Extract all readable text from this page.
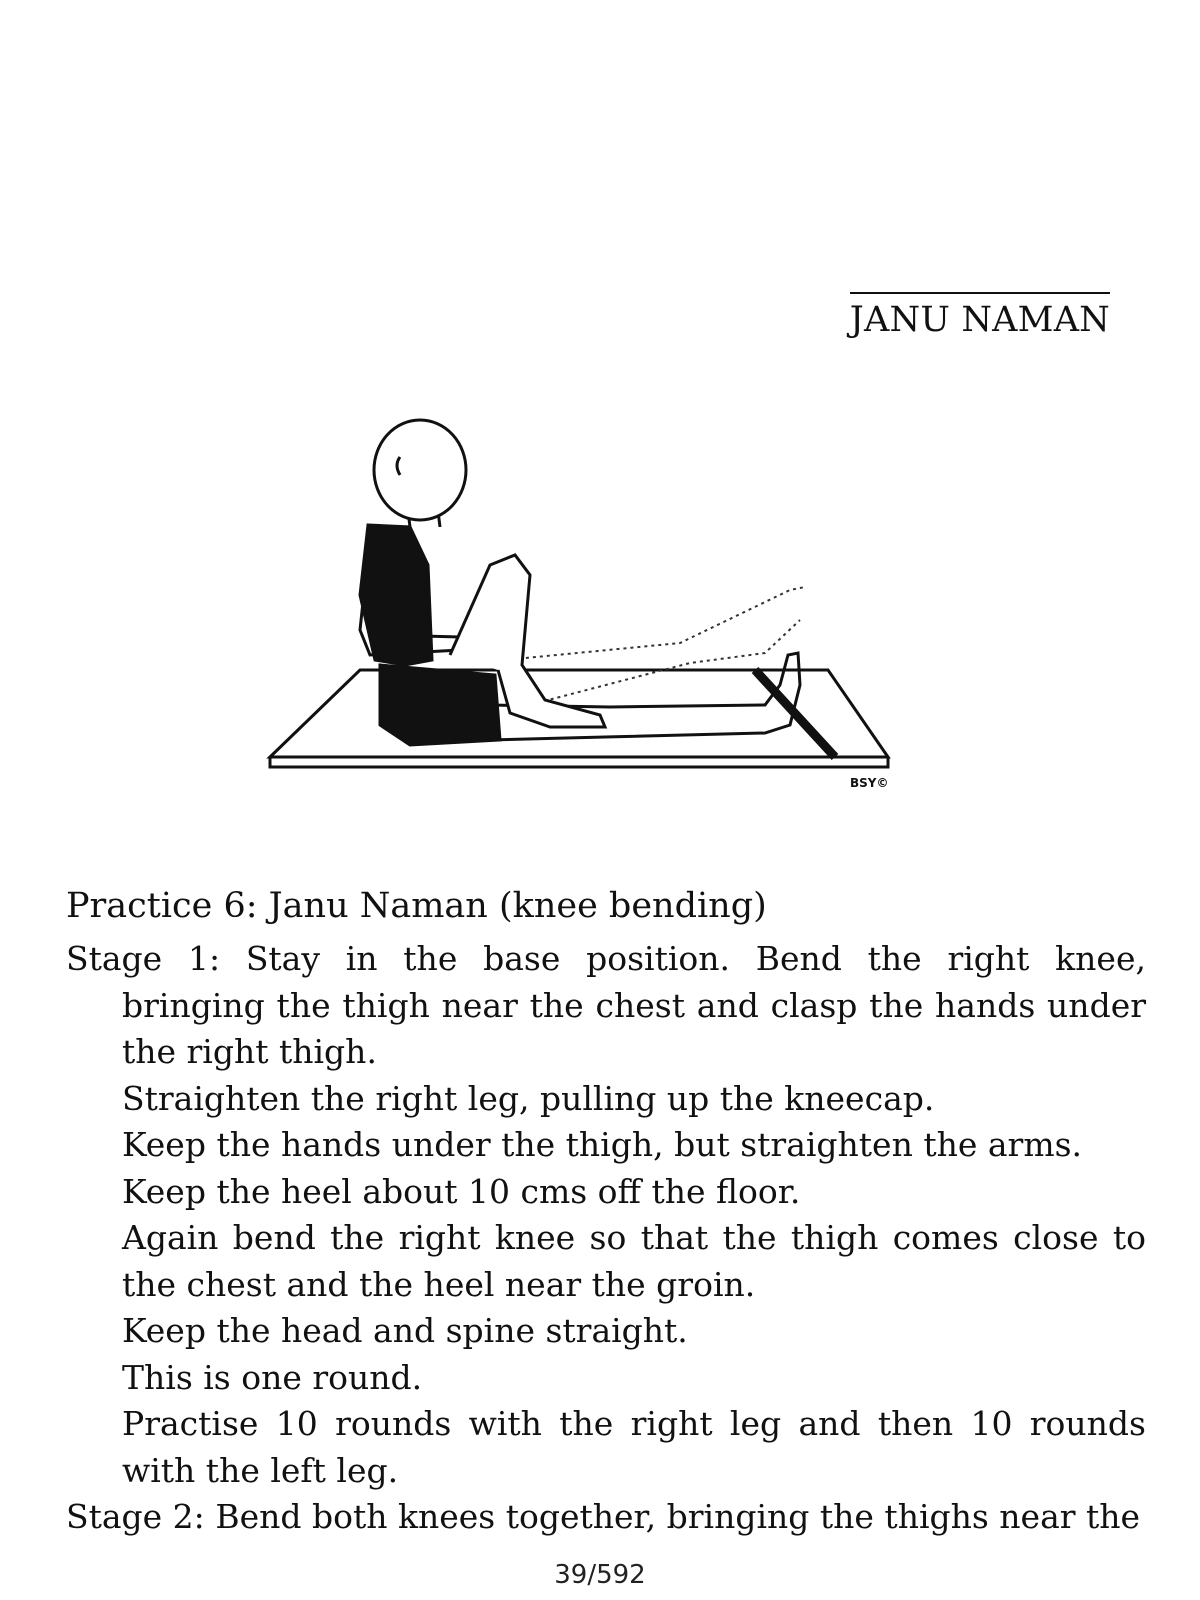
JANU NAMAN
BSY©
Practice 6: Janu Naman (knee bending)

Stage 1: Stay in the base position. Bend the right knee, bringing the thigh near the chest and clasp the hands under the right thigh.

Straighten the right leg, pulling up the kneecap.
Keep the hands under the thigh, but straighten the arms.
Keep the heel about 10 cms off the floor.
Again bend the right knee so that the thigh comes close to the chest and the heel near the groin.
Keep the head and spine straight.
This is one round.
Practise 10 rounds with the right leg and then 10 rounds with the left leg.

Stage 2: Bend both knees together, bringing the thighs near the

39/592
